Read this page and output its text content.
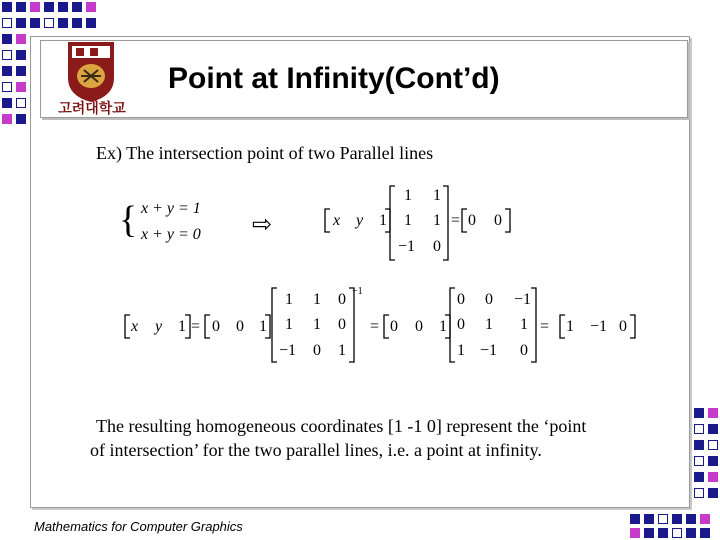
고려대학교
Point at Infinity(Cont’d)
Ex) The intersection point of two Parallel lines
{ x + y = 1
x + y = 0 ⇨	x y 1
1 1
1 1
−1 0
= 0 0
x y 1 = 0 0 1
1 1 0
1 1 0
−1 0 1
−1
= 0 0 1
0 0 −1
0 1 1
1 −1 0
= 1 −1 0
The resulting homogeneous coordinates [1 -1 0] represent the ‘point
of intersection’ for the two parallel lines, i.e. a point at infinity.
Mathematics for Computer Graphics
